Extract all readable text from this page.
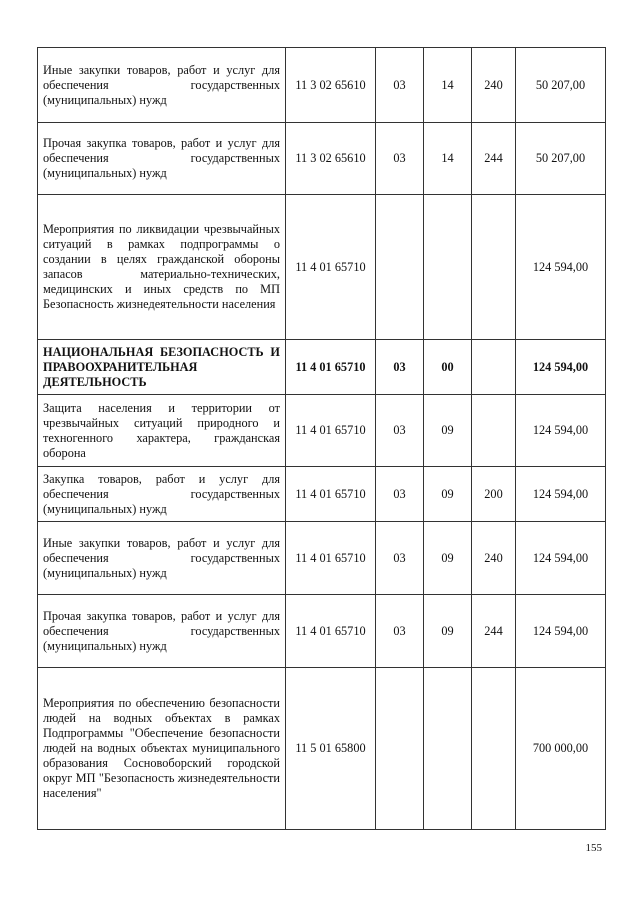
Иные закупки товаров, работ и услуг для обеспечения государственных (муниципальных) нужд	11 3 02 65610	03	14	240	50 207,00
Прочая закупка товаров, работ и услуг для обеспечения государственных (муниципальных) нужд	11 3 02 65610	03	14	244	50 207,00
Мероприятия по ликвидации чрезвычайных ситуаций в рамках подпрограммы о создании в целях гражданской обороны запасов материально-технических, медицинских и иных средств по МП Безопасность жизнедеятельности населения	11 4 01 65710				124 594,00
НАЦИОНАЛЬНАЯ БЕЗОПАСНОСТЬ И ПРАВООХРАНИТЕЛЬНАЯ ДЕЯТЕЛЬНОСТЬ	11 4 01 65710	03	00		124 594,00
Защита населения и территории от чрезвычайных ситуаций природного и техногенного характера, гражданская оборона	11 4 01 65710	03	09		124 594,00
Закупка товаров, работ и услуг для обеспечения государственных (муниципальных) нужд	11 4 01 65710	03	09	200	124 594,00
Иные закупки товаров, работ и услуг для обеспечения государственных (муниципальных) нужд	11 4 01 65710	03	09	240	124 594,00
Прочая закупка товаров, работ и услуг для обеспечения государственных (муниципальных) нужд	11 4 01 65710	03	09	244	124 594,00
Мероприятия по обеспечению безопасности людей на водных объектах в рамках Подпрограммы "Обеспечение безопасности людей на водных объектах муниципального образования Сосновоборский городской округ МП "Безопасность жизнедеятельности населения"	11 5 01 65800				700 000,00
155
